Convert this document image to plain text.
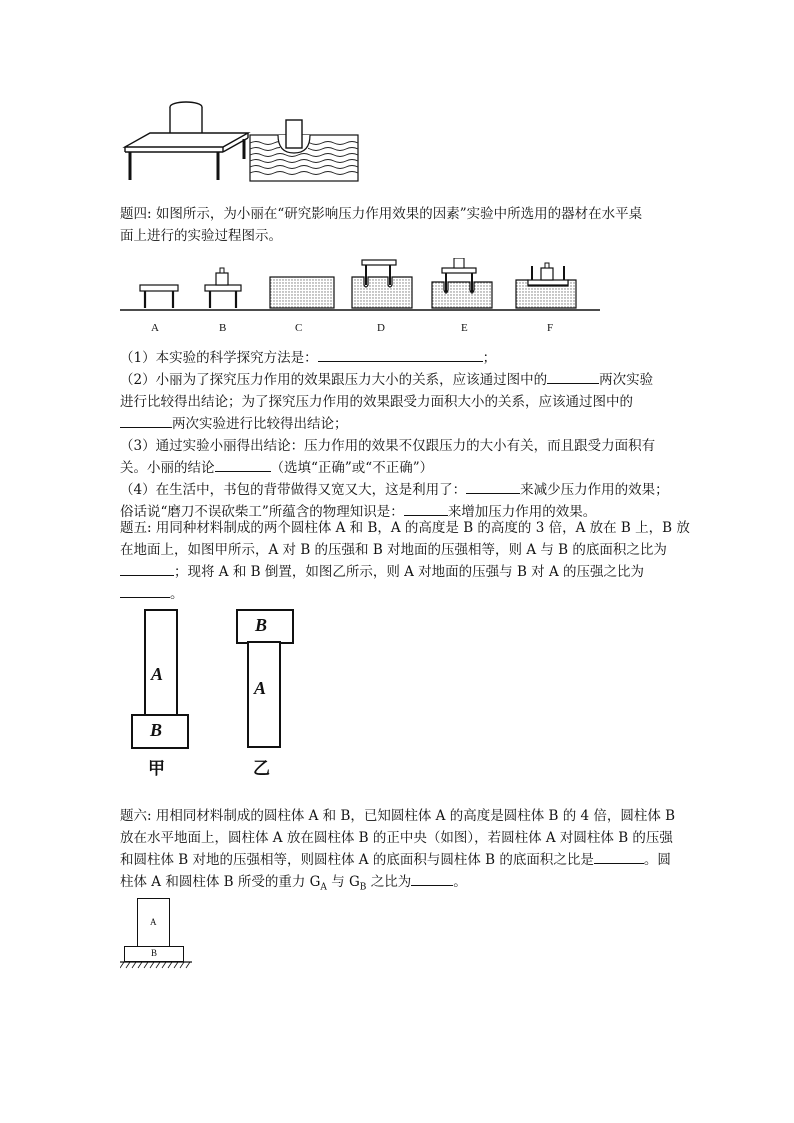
题四: 如图所示，为小丽在“研究影响压力作用效果的因素”实验中所选用的器材在水平桌
面上进行的实验过程图示。
A	B	C	D	E	F
（1）本实验的科学探究方法是：	；
（2）小丽为了探究压力作用的效果跟压力大小的关系，应该通过图中的	两次实验
进行比较得出结论；为了探究压力作用的效果跟受力面积大小的关系，应该通过图中的
两次实验进行比较得出结论；
（3）通过实验小丽得出结论：压力作用的效果不仅跟压力的大小有关，而且跟受力面积有
关。小丽的结论	（选填“正确”或“不正确”）
（4）在生活中，书包的背带做得又宽又大，这是利用了：	来减少压力作用的效果；
俗话说“磨刀不误砍柴工”所蕴含的物理知识是：	来增加压力作用的效果。
题五: 用同种材料制成的两个圆柱体 A 和 B，A 的高度是 B 的高度的 3 倍，A 放在 B 上，B 放
在地面上，如图甲所示，A 对 B 的压强和 B 对地面的压强相等，则 A 与 B 的底面积之比为
；现将 A 和 B 倒置，如图乙所示，则 A 对地面的压强与 B 对 A 的压强之比为
。
A
B
甲
B
A
乙
题六: 用相同材料制成的圆柱体 A 和 B，已知圆柱体 A 的高度是圆柱体 B 的 4 倍，圆柱体 B
放在水平地面上，圆柱体 A 放在圆柱体 B 的正中央（如图），若圆柱体 A 对圆柱体 B 的压强
和圆柱体 B 对地的压强相等，则圆柱体 A 的底面积与圆柱体 B 的底面积之比是	。圆
柱体 A 和圆柱体 B 所受的重力 $G_A$ 与 $G_B$ 之比为	。
A
B
